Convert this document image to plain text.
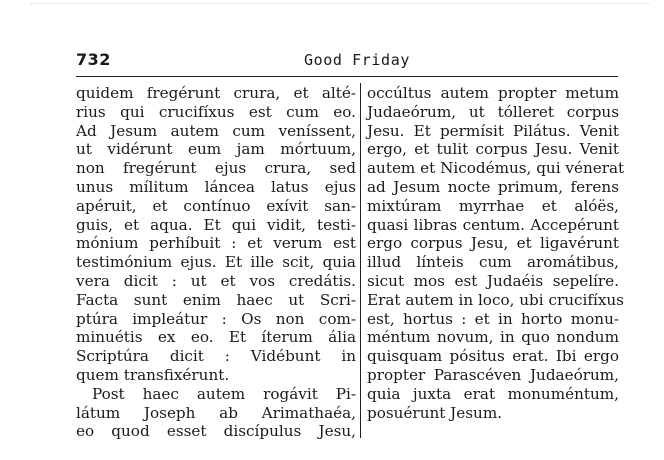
732	Good Friday
quidem fregérunt crura, et alté-
rius qui crucifíxus est cum eo.
Ad Jesum autem cum veníssent,
ut vidérunt eum jam mórtuum,
non fregérunt ejus crura, sed
unus mílitum láncea latus ejus
apéruit, et contínuo exívit san-
guis, et aqua. Et qui vidit, testi-
mónium perhíbuit : et verum est
testimónium ejus. Et ille scit, quia
vera dicit : ut et vos credátis.
Facta sunt enim haec ut Scri-
ptúra impleátur : Os non com-
minuétis ex eo. Et íterum ália
Scriptúra dicit : Vidébunt in
quem transfixérunt.
Post haec autem rogávit Pi-
látum Joseph ab Arimathaéa,
eo quod esset discípulus Jesu,
occúltus autem propter metum
Judaeórum, ut tólleret corpus
Jesu. Et permísit Pilátus. Venit
ergo, et tulit corpus Jesu. Venit
autem et Nicodémus, qui vénerat
ad Jesum nocte primum, ferens
mixtúram myrrhae et alóës,
quasi libras centum. Accepérunt
ergo corpus Jesu, et ligavérunt
illud línteis cum aromátibus,
sicut mos est Judaéis sepelíre.
Erat autem in loco, ubi crucifíxus
est, hortus : et in horto monu-
méntum novum, in quo nondum
quisquam pósitus erat. Ibi ergo
propter Parascéven Judaeórum,
quia juxta erat monuméntum,
posuérunt Jesum.
